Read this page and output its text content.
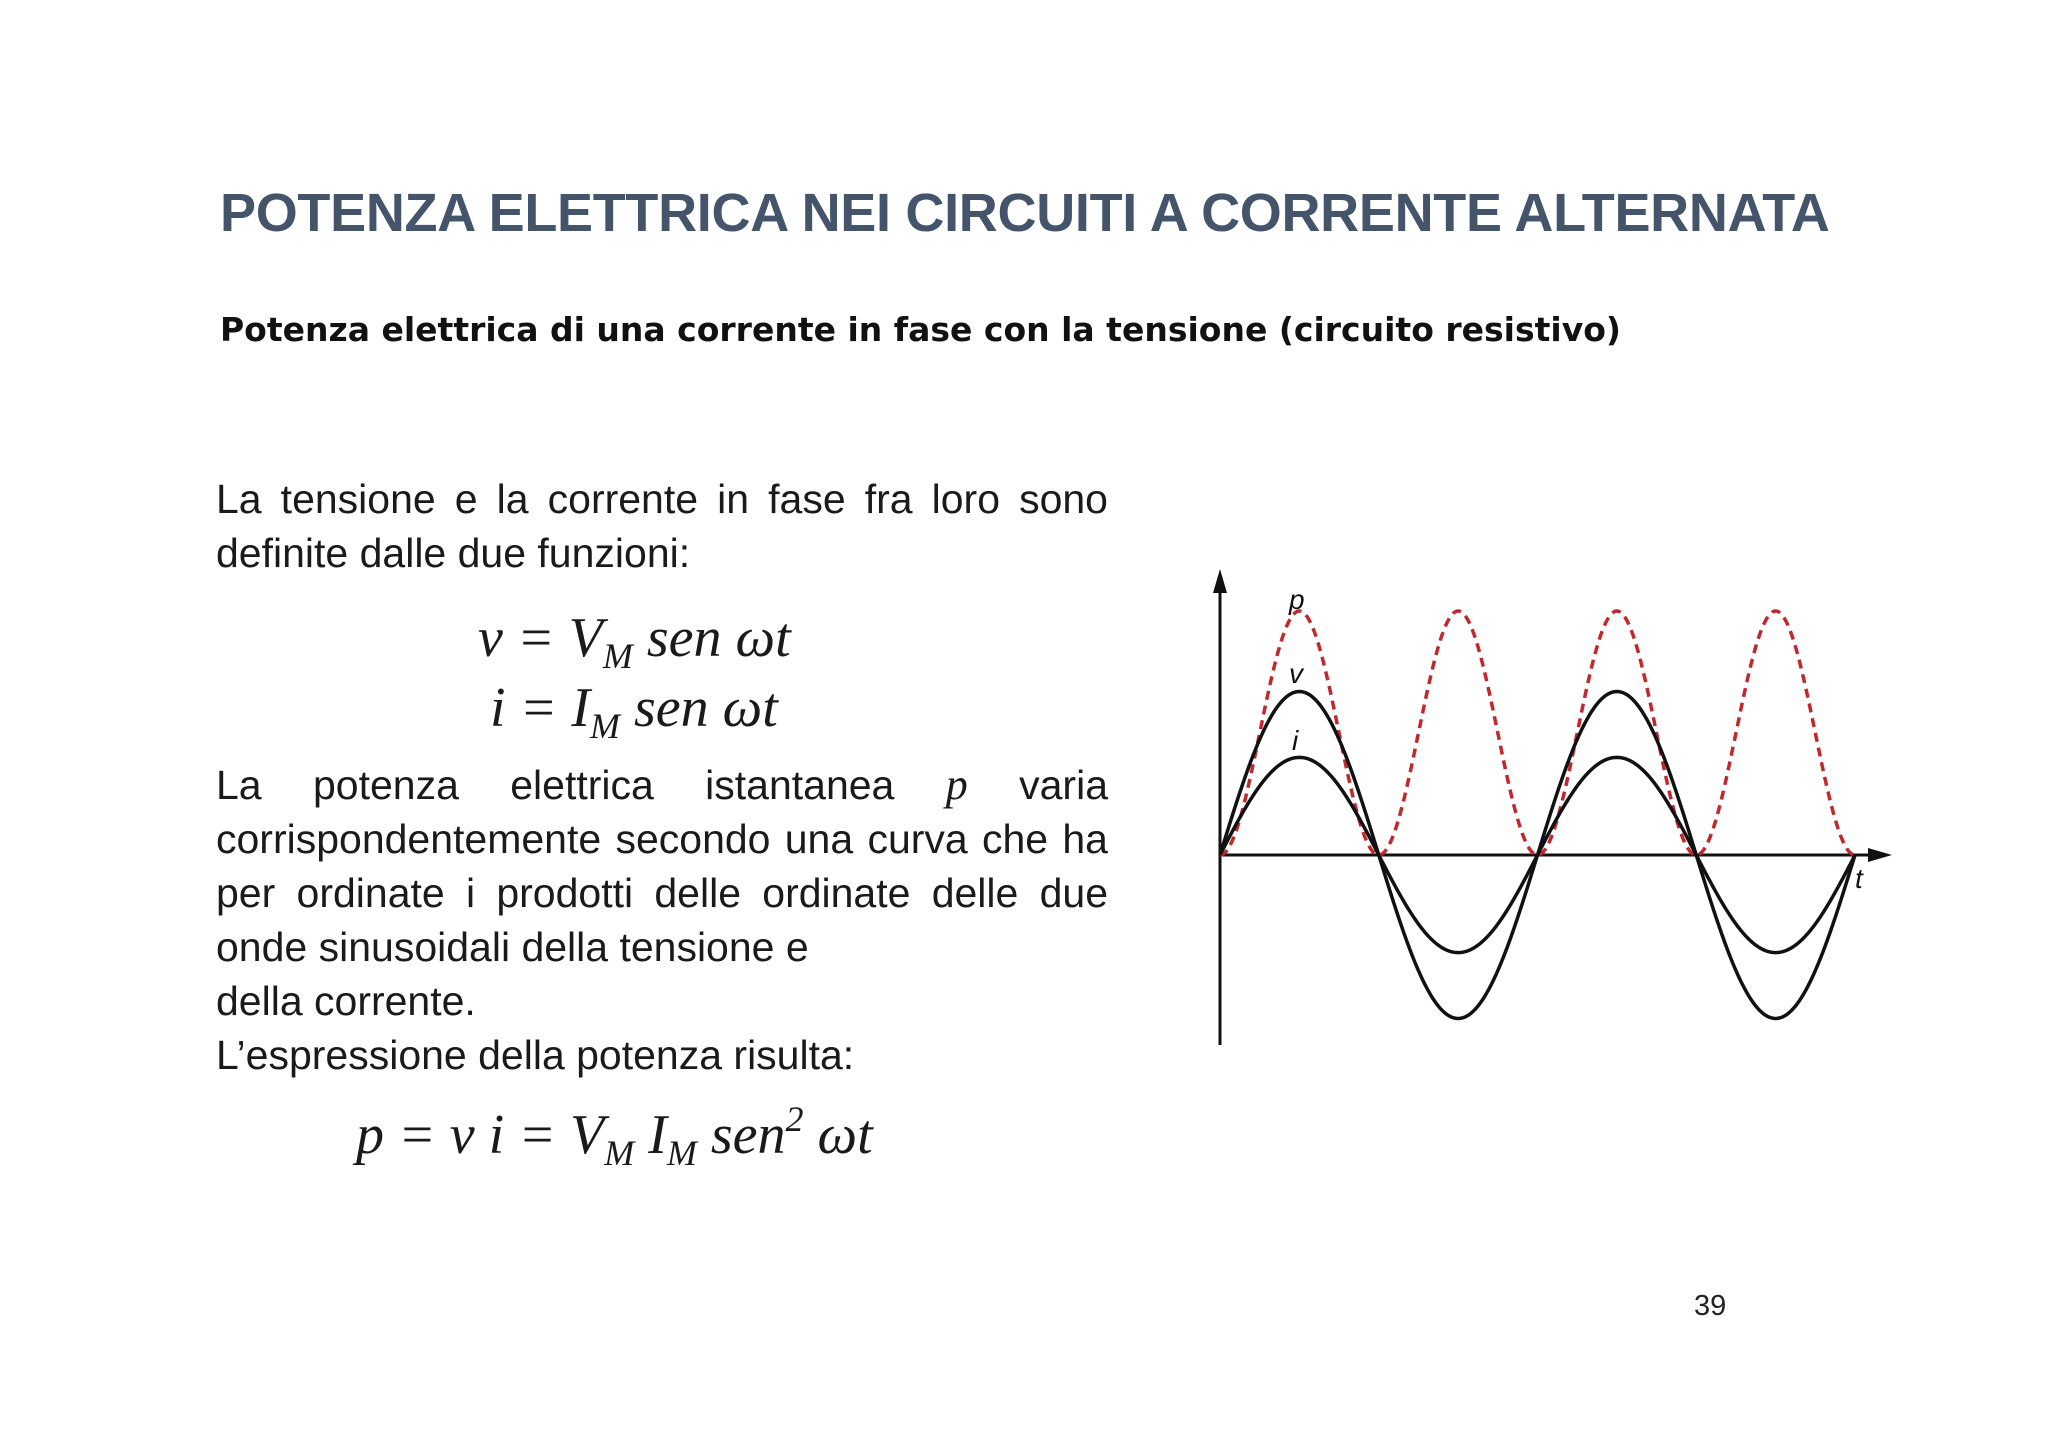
POTENZA ELETTRICA NEI CIRCUITI A CORRENTE ALTERNATA
Potenza elettrica di una corrente in fase con la tensione (circuito resistivo)

La tensione e la corrente in fase fra loro sono definite dalle due funzioni:

$v = V_M$ sen ωt
$i = I_M$ sen ωt
La potenza elettrica istantanea p varia corrispondentemente secondo una curva che ha per ordinate i prodotti delle ordinate delle due onde sinusoidali della tensione e
della corrente.
L’espressione della potenza risulta:
p = v $i = V_M$ $I_M$ sen$^2$ ωt
p
v
i
t

39
